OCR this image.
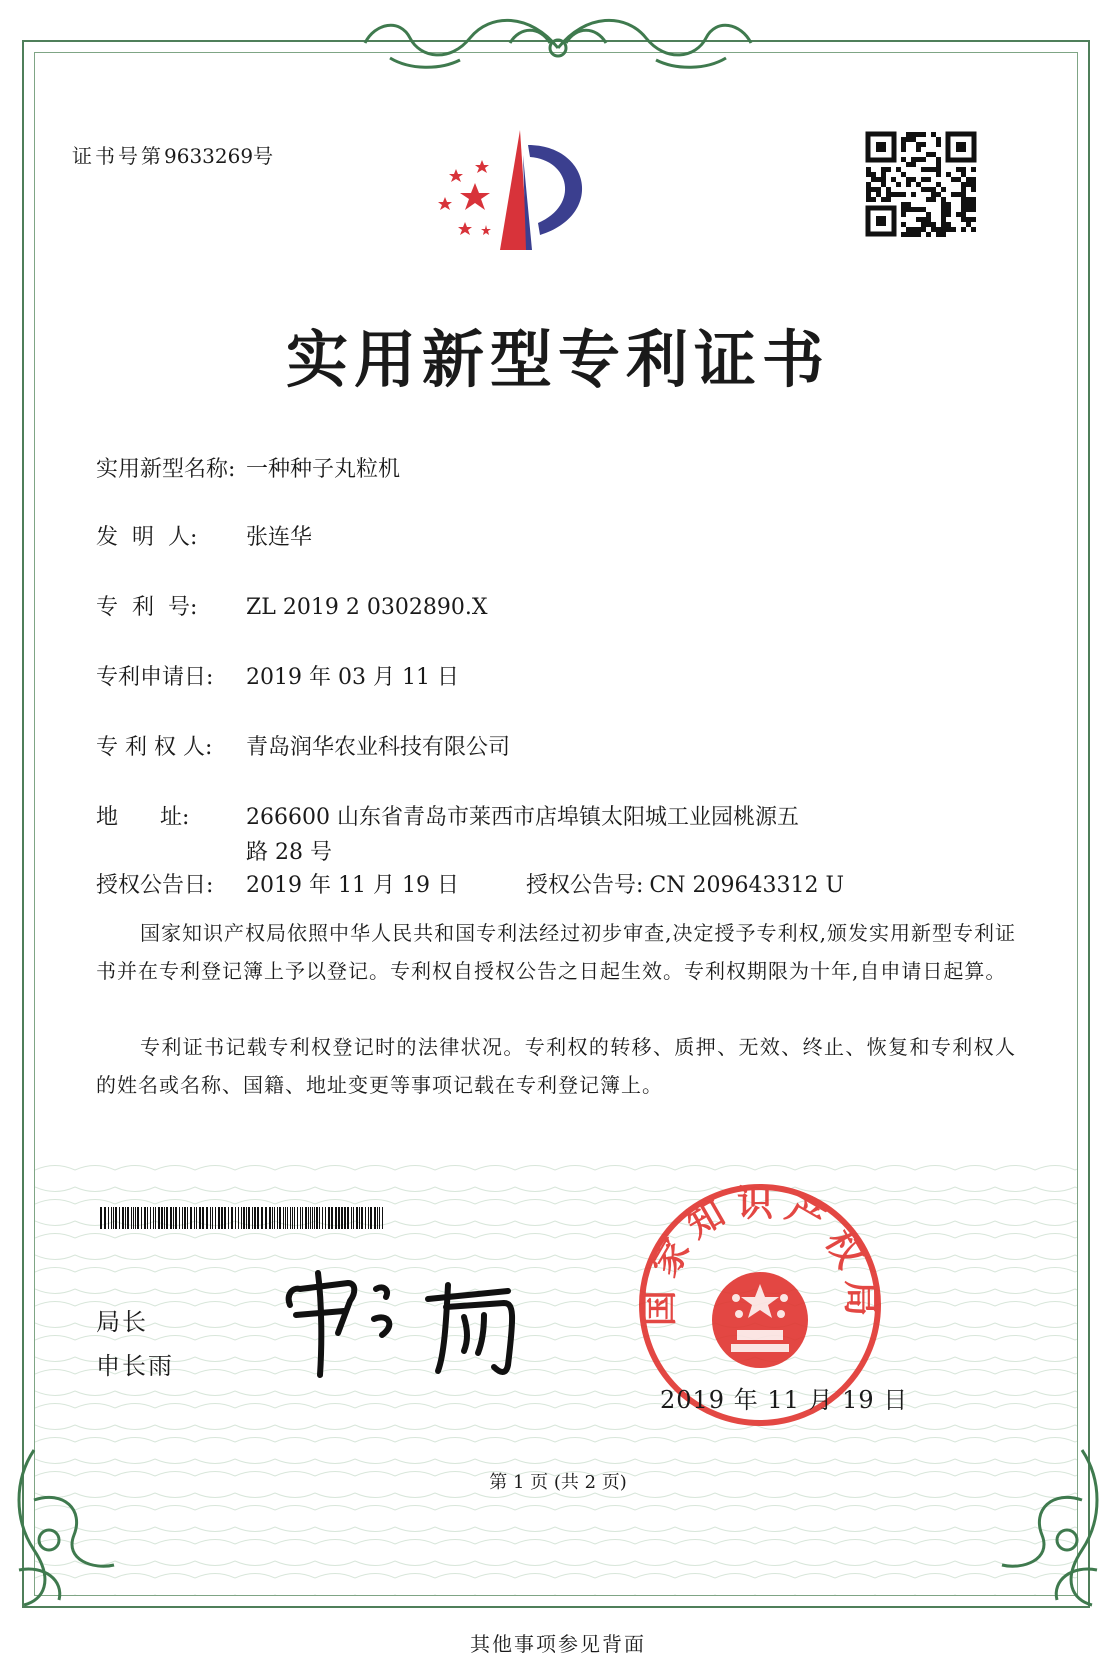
证书号第9633269号
实用新型专利证书
实用新型名称: 一种种子丸粒机
发  明  人: 张连华
专  利  号: ZL 2019 2 0302890.X
专利申请日: 2019 年 03 月 11 日
专 利 权 人: 青岛润华农业科技有限公司
地      址:	266600 山东省青岛市莱西市店埠镇太阳城工业园桃源五
路 28 号
授权公告日: 2019 年 11 月 19 日	授权公告号: CN 209643312 U
国家知识产权局依照中华人民共和国专利法经过初步审查,决定授予专利权,颁发实用新型专利证书并在专利登记簿上予以登记。专利权自授权公告之日起生效。专利权期限为十年,自申请日起算。
专利证书记载专利权登记时的法律状况。专利权的转移、质押、无效、终止、恢复和专利权人的姓名或名称、国籍、地址变更等事项记载在专利登记簿上。
局长
申长雨
国家知识产权局
2019 年 11 月 19 日
第 1 页 (共 2 页)
其他事项参见背面
